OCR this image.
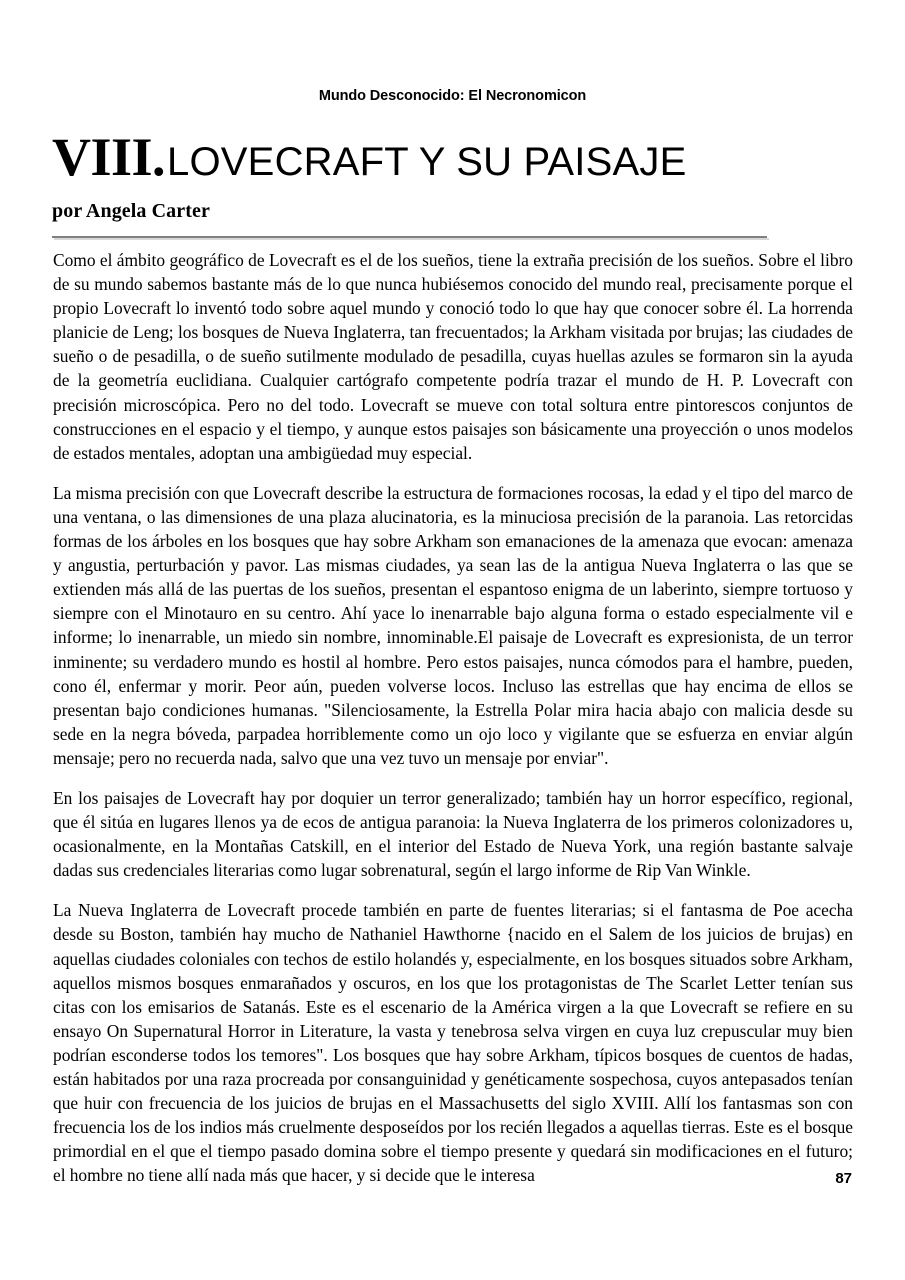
Mundo Desconocido: El Necronomicon
VIII.LOVECRAFT Y SU PAISAJE
por Angela Carter

Como el ámbito geográfico de Lovecraft es el de los sueños, tiene la extraña precisión de los sueños. Sobre el libro de su mundo sabemos bastante más de lo que nunca hubiésemos conocido del mundo real, precisamente porque el propio Lovecraft lo inventó todo sobre aquel mundo y conoció todo lo que hay que conocer sobre él. La horrenda planicie de Leng; los bosques de Nueva Inglaterra, tan frecuentados; la Arkham visitada por brujas; las ciudades de sueño o de pesadilla, o de sueño sutilmente modulado de pesadilla, cuyas huellas azules se formaron sin la ayuda de la geometría euclidiana. Cualquier cartógrafo competente podría trazar el mundo de H. P. Lovecraft con precisión microscópica. Pero no del todo. Lovecraft se mueve con total soltura entre pintorescos conjuntos de construcciones en el espacio y el tiempo, y aunque estos paisajes son básicamente una proyección o unos modelos de estados mentales, adoptan una ambigüedad muy especial.

La misma precisión con que Lovecraft describe la estructura de formaciones rocosas, la edad y el tipo del marco de una ventana, o las dimensiones de una plaza alucinatoria, es la minuciosa precisión de la paranoia. Las retorcidas formas de los árboles en los bosques que hay sobre Arkham son emanaciones de la amenaza que evocan: amenaza y angustia, perturbación y pavor. Las mismas ciudades, ya sean las de la antigua Nueva Inglaterra o las que se extienden más allá de las puertas de los sueños, presentan el espantoso enigma de un laberinto, siempre tortuoso y siempre con el Minotauro en su centro. Ahí yace lo inenarrable bajo alguna forma o estado especialmente vil e informe; lo inenarrable, un miedo sin nombre, innominable.El paisaje de Lovecraft es expresionista, de un terror inminente; su verdadero mundo es hostil al hombre. Pero estos paisajes, nunca cómodos para el hambre, pueden, cono él, enfermar y morir. Peor aún, pueden volverse locos. Incluso las estrellas que hay encima de ellos se presentan bajo condiciones humanas. "Silenciosamente, la Estrella Polar mira hacia abajo con malicia desde su sede en la negra bóveda, parpadea horriblemente como un ojo loco y vigilante que se esfuerza en enviar algún mensaje; pero no recuerda nada, salvo que una vez tuvo un mensaje por enviar".

En los paisajes de Lovecraft hay por doquier un terror generalizado; también hay un horror específico, regional, que él sitúa en lugares llenos ya de ecos de antigua paranoia: la Nueva Inglaterra de los primeros colonizadores u, ocasionalmente, en la Montañas Catskill, en el interior del Estado de Nueva York, una región bastante salvaje dadas sus credenciales literarias como lugar sobrenatural, según el largo informe de Rip Van Winkle.

La Nueva Inglaterra de Lovecraft procede también en parte de fuentes literarias; si el fantasma de Poe acecha desde su Boston, también hay mucho de Nathaniel Hawthorne {nacido en el Salem de los juicios de brujas) en aquellas ciudades coloniales con techos de estilo holandés y, especialmente, en los bosques situados sobre Arkham, aquellos mismos bosques enmarañados y oscuros, en los que los protagonistas de The Scarlet Letter tenían sus citas con los emisarios de Satanás. Este es el escenario de la América virgen a la que Lovecraft se refiere en su ensayo On Supernatural Horror in Literature, la vasta y tenebrosa selva virgen en cuya luz crepuscular muy bien podrían esconderse todos los temores". Los bosques que hay sobre Arkham, típicos bosques de cuentos de hadas, están habitados por una raza procreada por consanguinidad y genéticamente sospechosa, cuyos antepasados tenían que huir con frecuencia de los juicios de brujas en el Massachusetts del siglo XVIII. Allí los fantasmas son con frecuencia los de los indios más cruelmente desposeídos por los recién llegados a aquellas tierras. Este es el bosque primordial en el que el tiempo pasado domina sobre el tiempo presente y quedará sin modificaciones en el futuro; el hombre no tiene allí nada más que hacer, y si decide que le interesa	87
